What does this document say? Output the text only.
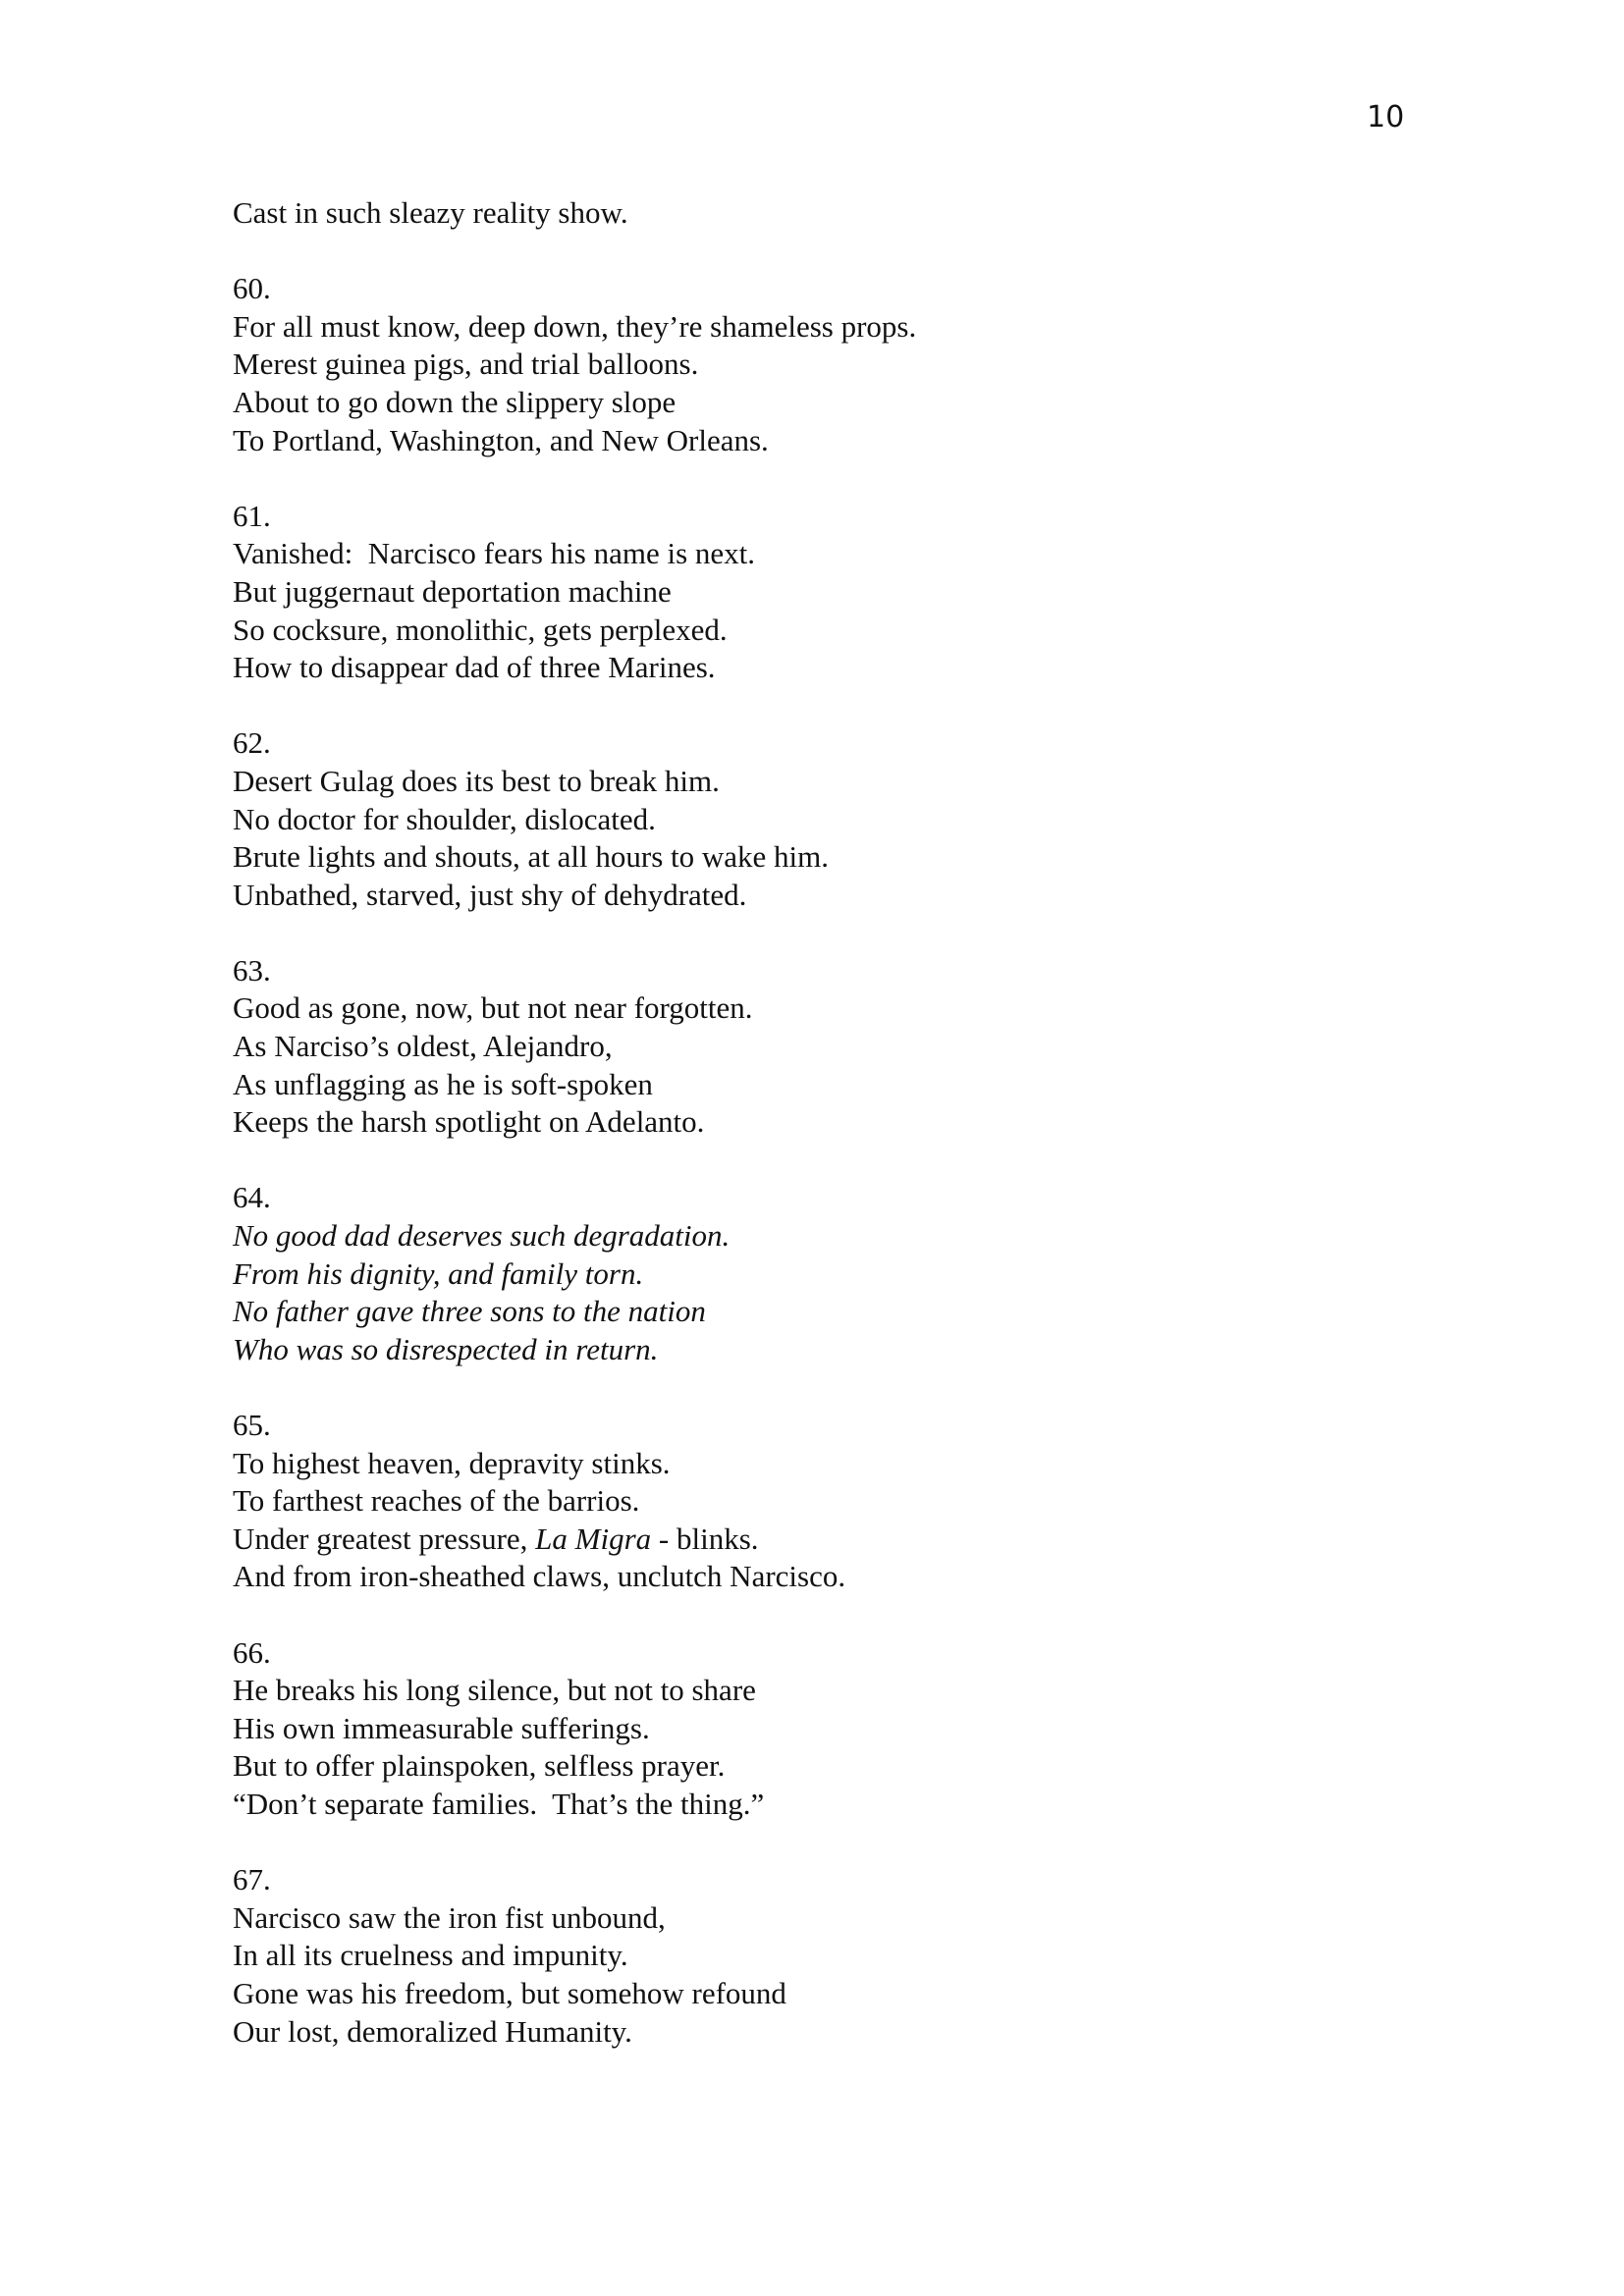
10
Cast in such sleazy reality show.
60.
For all must know, deep down, they’re shameless props.
Merest guinea pigs, and trial balloons.
About to go down the slippery slope
To Portland, Washington, and New Orleans.
61.
Vanished:  Narcisco fears his name is next.
But juggernaut deportation machine
So cocksure, monolithic, gets perplexed.
How to disappear dad of three Marines.
62.
Desert Gulag does its best to break him.
No doctor for shoulder, dislocated.
Brute lights and shouts, at all hours to wake him.
Unbathed, starved, just shy of dehydrated.
63.
Good as gone, now, but not near forgotten.
As Narciso’s oldest, Alejandro,
As unflagging as he is soft-spoken
Keeps the harsh spotlight on Adelanto.
64.
No good dad deserves such degradation.
From his dignity, and family torn.
No father gave three sons to the nation
Who was so disrespected in return.
65.
To highest heaven, depravity stinks.
To farthest reaches of the barrios.
Under greatest pressure, La Migra - blinks.
And from iron-sheathed claws, unclutch Narcisco.
66.
He breaks his long silence, but not to share
His own immeasurable sufferings.
But to offer plainspoken, selfless prayer.
“Don’t separate families.  That’s the thing.”
67.
Narcisco saw the iron fist unbound,
In all its cruelness and impunity.
Gone was his freedom, but somehow refound
Our lost, demoralized Humanity.
